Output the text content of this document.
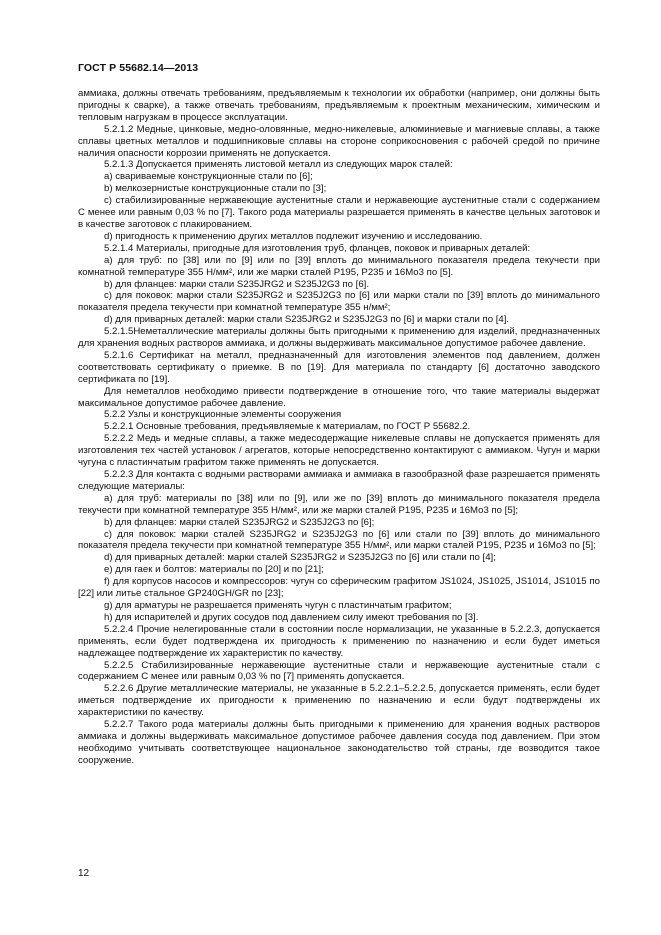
ГОСТ Р 55682.14—2013

аммиака, должны отвечать требованиям, предъявляемым к технологии их обработки (например, они должны быть пригодны к сварке), а также отвечать требованиям, предъявляемым к проектным механическим, химическим и тепловым нагрузкам в процессе эксплуатации.

5.2.1.2 Медные, цинковые, медно-оловянные, медно-никелевые, алюминиевые и магниевые сплавы, а также сплавы цветных металлов и подшипниковые сплавы на стороне соприкосновения с рабочей средой по причине наличия опасности коррозии применять не допускается.

5.2.1.3 Допускается применять листовой металл из следующих марок сталей:

а) свариваемые конструкционные стали по [6];

b) мелкозернистые конструкционные стали по [3];

с) стабилизированные нержавеющие аустенитные стали и нержавеющие аустенитные стали с содержанием С менее или равным 0,03 % по [7]. Такого рода материалы разрешается применять в качестве цельных заготовок и в качестве заготовок с плакированием.

d) пригодность к применению других металлов подлежит изучению и исследованию.

5.2.1.4 Материалы, пригодные для изготовления труб, фланцев, поковок и приварных деталей:

а) для труб: по [38] или по [9] или по [39] вплоть до минимального показателя предела текучести при комнатной температуре 355 Н/мм², или же марки сталей Р195, Р235 и 16Мо3 по [5].

b) для фланцев: марки стали S235JRG2 и S235J2G3 по [6].

с) для поковок: марки стали S235JRG2 и S235J2G3 по [6] или марки стали по [39] вплоть до минимального показателя предела текучести при комнатной температуре 355 н/мм²;

d) для приварных деталей: марки стали S235JRG2 и S235J2G3 по [6] и марки стали по [4].

5.2.1.5Неметаллические материалы должны быть пригодными к применению для изделий, предназначенных для хранения водных растворов аммиака, и должны выдерживать максимальное допустимое рабочее давление.

5.2.1.6 Сертификат на металл, предназначенный для изготовления элементов под давлением, должен соответствовать сертификату о приемке. В по [19]. Для материала по стандарту [6] достаточно заводского сертификата по [19].

Для неметаллов необходимо привести подтверждение в отношение того, что такие материалы выдержат максимальное допустимое рабочее давление.

5.2.2 Узлы и конструкционные элементы сооружения

5.2.2.1 Основные требования, предъявляемые к материалам, по ГОСТ Р 55682.2.

5.2.2.2 Медь и медные сплавы, а также медесодержащие никелевые сплавы не допускается применять для изготовления тех частей установок / агрегатов, которые непосредственно контактируют с аммиаком. Чугун и марки чугуна с пластинчатым графитом также применять не допускается.

5.2.2.3 Для контакта с водными растворами аммиака и аммиака в газообразной фазе разрешается применять следующие материалы:

а) для труб: материалы по [38] или по [9], или же по [39] вплоть до минимального показателя предела текучести при комнатной температуре 355 Н/мм², или же марки сталей Р195, Р235 и 16Мо3 по [5];

b) для фланцев: марки сталей S235JRG2 и S235J2G3 по [6];

с) для поковок: марки сталей S235JRG2 и S235J2G3 по [6] или стали по [39] вплоть до минимального показателя предела текучести при комнатной температуре 355 Н/мм², или марки сталей Р195, Р235 и 16Мо3 по [5];

d) для приварных деталей: марки сталей S235JRG2 и S235J2G3 по [6] или стали по [4];

е) для гаек и болтов: материалы по [20] и по [21];

f) для корпусов насосов и компрессоров: чугун со сферическим графитом JS1024, JS1025, JS1014, JS1015 по [22] или литье стальное GP240GH/GR по [23];

g) для арматуры не разрешается применять чугун с пластинчатым графитом;

h) для испарителей и других сосудов под давлением силу имеют требования по [3].

5.2.2.4 Прочие нелегированные стали в состоянии после нормализации, не указанные в 5.2.2.3, допускается применять, если будет подтверждена их пригодность к применению по назначению и если будет иметься надлежащее подтверждение их характеристик по качеству.

5.2.2.5 Стабилизированные нержавеющие аустенитные стали и нержавеющие аустенитные стали с содержанием С менее или равным 0,03 % по [7] применять допускается.

5.2.2.6 Другие металлические материалы, не указанные в 5.2.2.1–5.2.2.5, допускается применять, если будет иметься подтверждение их пригодности к применению по назначению и если будут подтверждены их характеристики по качеству.

5.2.2.7 Такого рода материалы должны быть пригодными к применению для хранения водных растворов аммиака и должны выдерживать максимальное допустимое рабочее давления сосуда под давлением. При этом необходимо учитывать соответствующее национальное законодательство той страны, где возводится такое сооружение.

12
